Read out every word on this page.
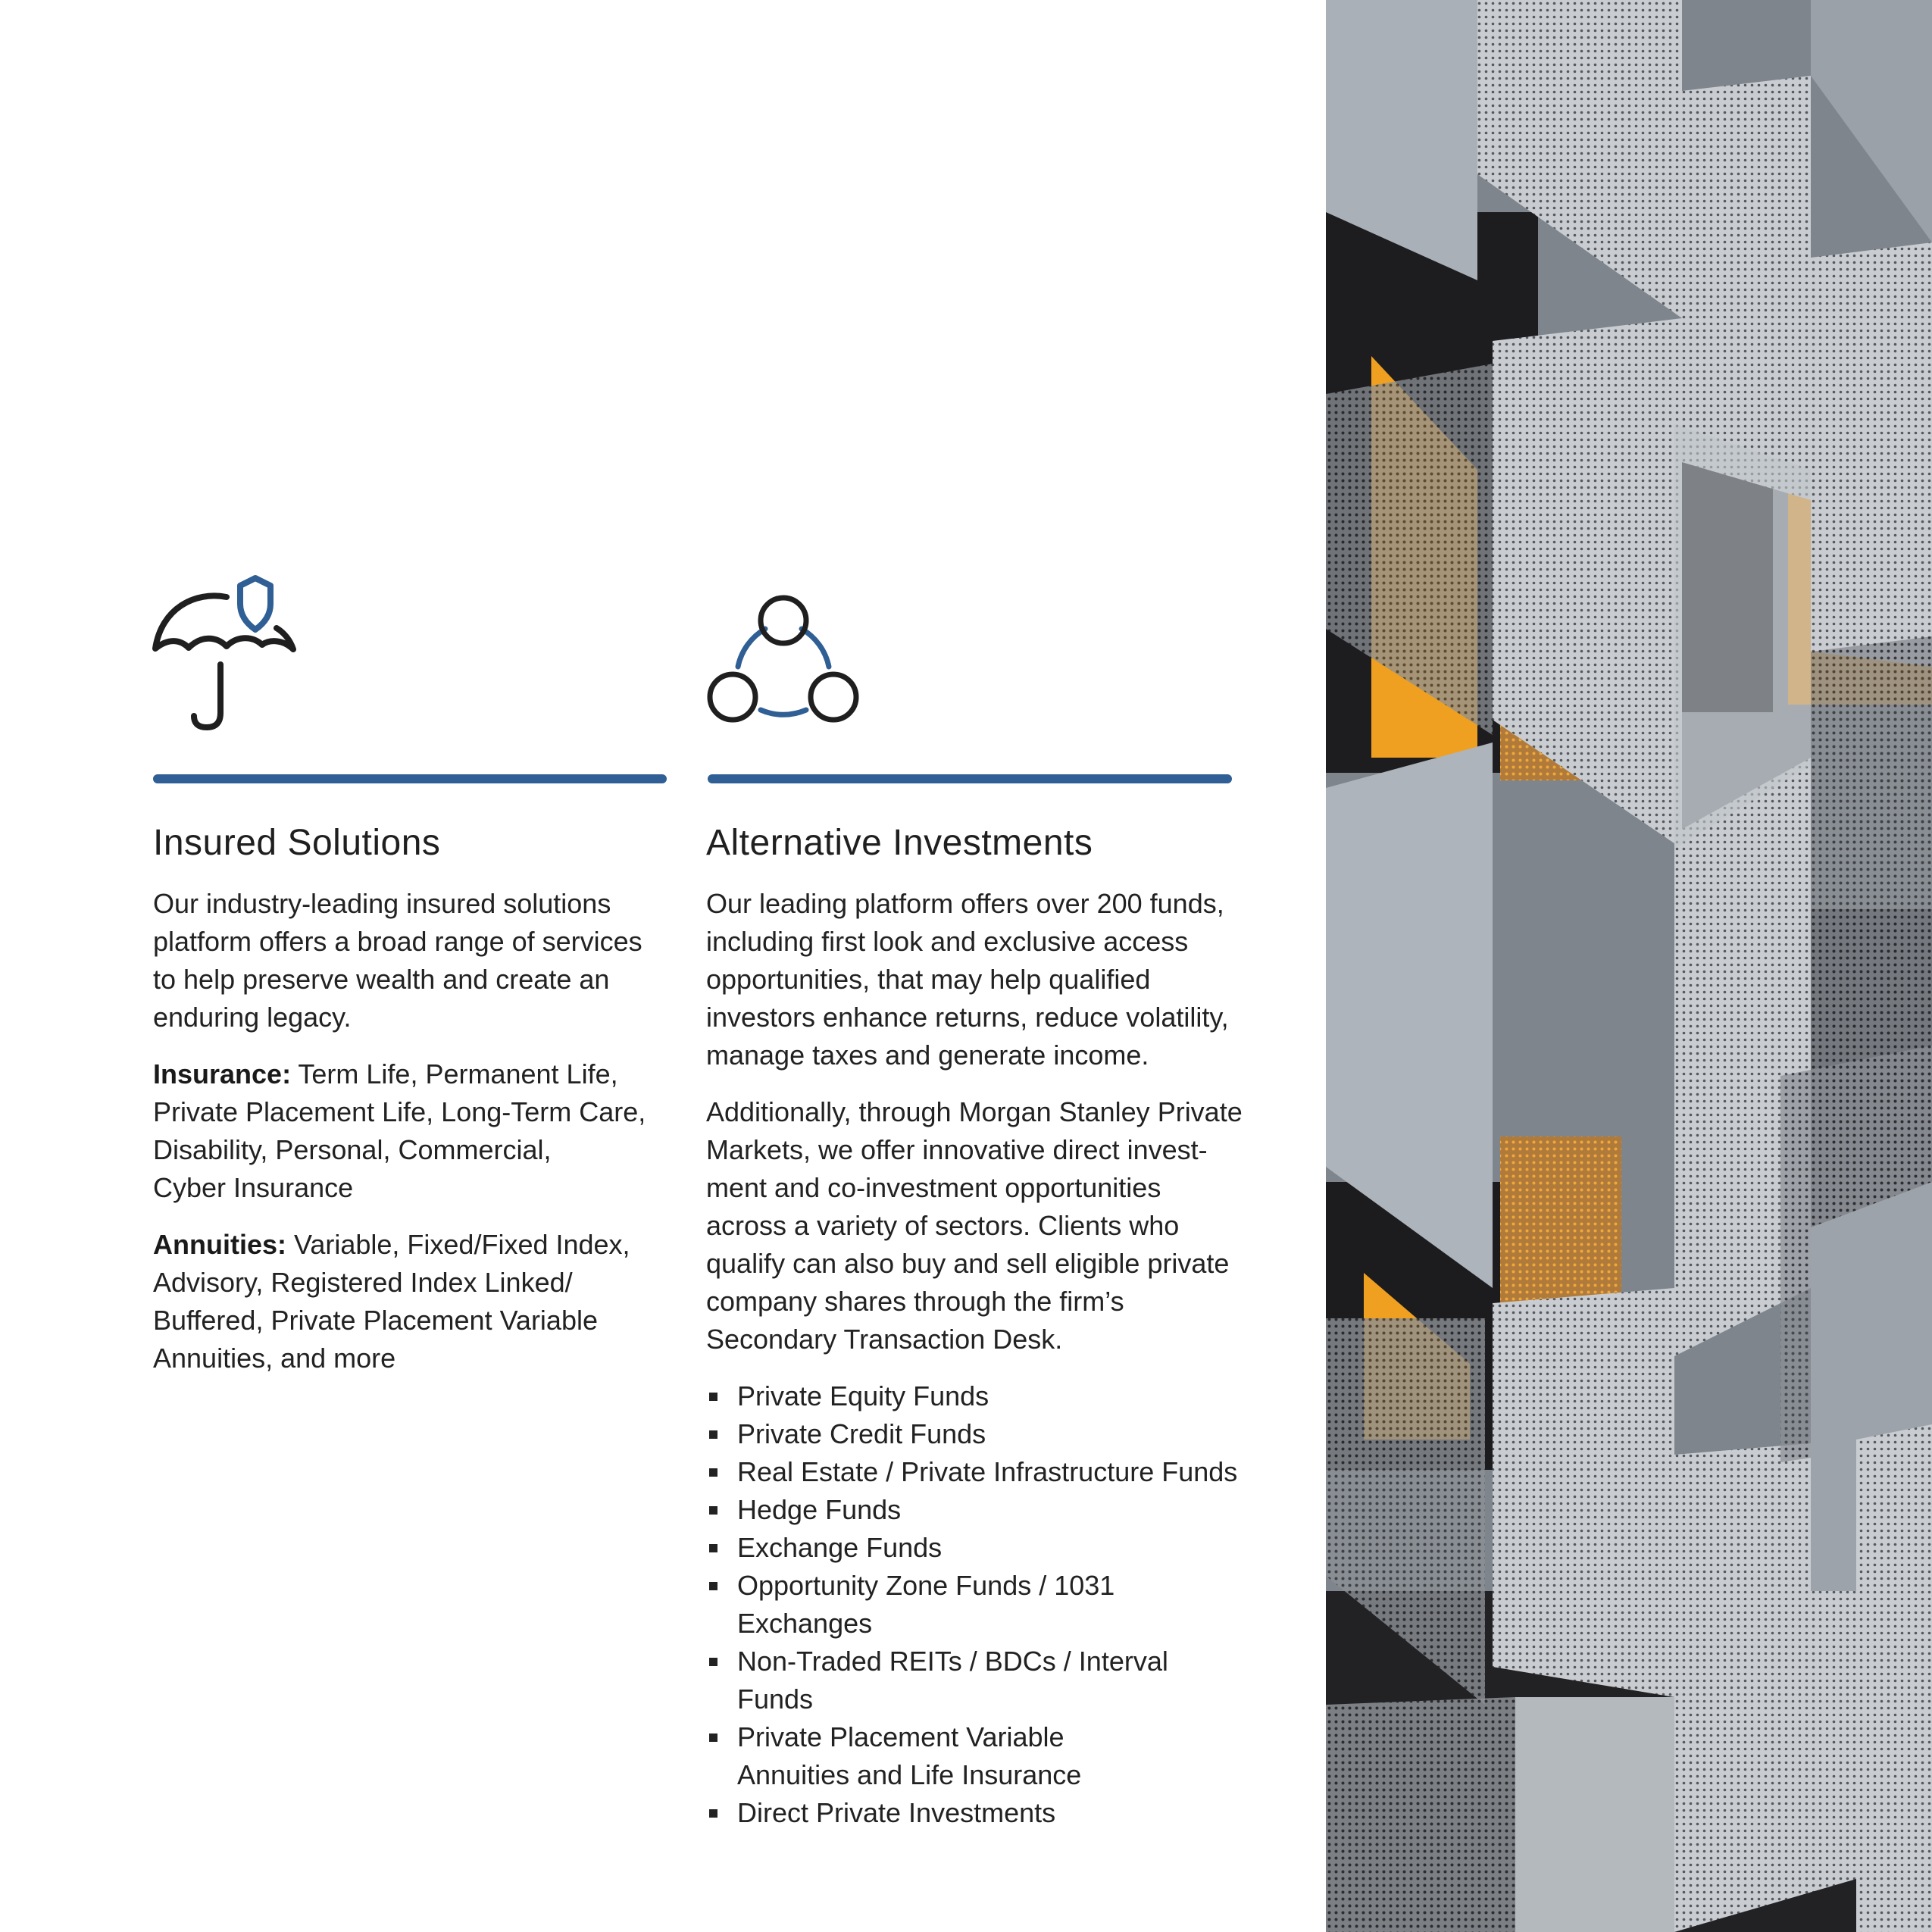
Insured Solutions

Our industry-leading insured solutions
platform offers a broad range of services
to help preserve wealth and create an
enduring legacy.

Insurance: Term Life, Permanent Life,
Private Placement Life, Long-Term Care,
Disability, Personal, Commercial,
Cyber Insurance

Annuities: Variable, Fixed/Fixed Index,
Advisory, Registered Index Linked/
Buffered, Private Placement Variable
Annuities, and more

Alternative Investments

Our leading platform offers over 200 funds,
including first look and exclusive access
opportunities, that may help qualified
investors enhance returns, reduce volatility,
manage taxes and generate income.

Additionally, through Morgan Stanley Private
Markets, we offer innovative direct invest-
ment and co-investment opportunities
across a variety of sectors. Clients who
qualify can also buy and sell eligible private
company shares through the firm’s
Secondary Transaction Desk.

Private Equity Funds
Private Credit Funds
Real Estate / Private Infrastructure Funds
Hedge Funds
Exchange Funds
Opportunity Zone Funds / 1031 Exchanges
Non-Traded REITs / BDCs / Interval Funds
Private Placement Variable
Annuities and Life Insurance
Direct Private Investments
